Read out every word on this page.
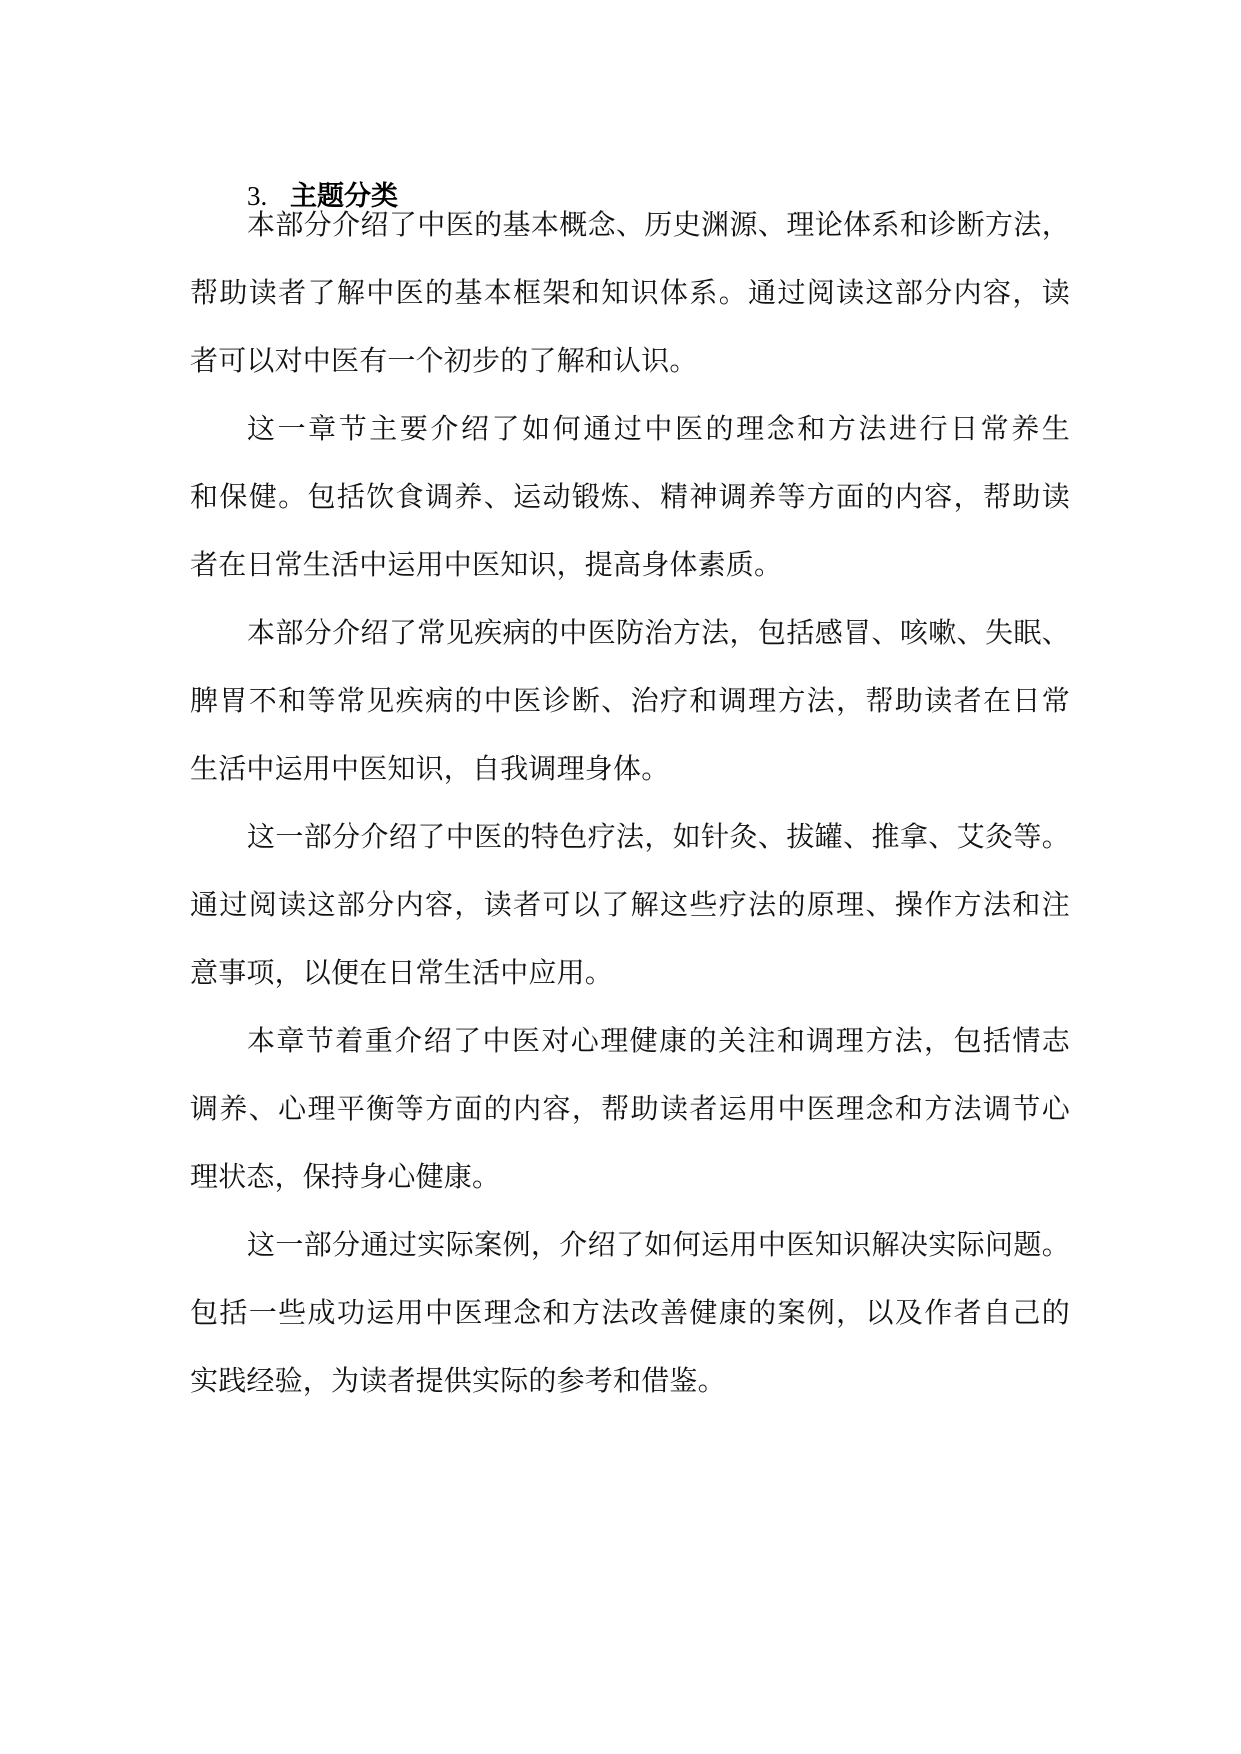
3. 主题分类
本部分介绍了中医的基本概念、历史渊源、理论体系和诊断方法，
帮助读者了解中医的基本框架和知识体系。通过阅读这部分内容，读
者可以对中医有一个初步的了解和认识。
这一章节主要介绍了如何通过中医的理念和方法进行日常养生
和保健。包括饮食调养、运动锻炼、精神调养等方面的内容，帮助读
者在日常生活中运用中医知识，提高身体素质。
本部分介绍了常见疾病的中医防治方法，包括感冒、咳嗽、失眠、
脾胃不和等常见疾病的中医诊断、治疗和调理方法，帮助读者在日常
生活中运用中医知识，自我调理身体。
这一部分介绍了中医的特色疗法，如针灸、拔罐、推拿、艾灸等。
通过阅读这部分内容，读者可以了解这些疗法的原理、操作方法和注
意事项，以便在日常生活中应用。
本章节着重介绍了中医对心理健康的关注和调理方法，包括情志
调养、心理平衡等方面的内容，帮助读者运用中医理念和方法调节心
理状态，保持身心健康。
这一部分通过实际案例，介绍了如何运用中医知识解决实际问题。
包括一些成功运用中医理念和方法改善健康的案例，以及作者自己的
实践经验，为读者提供实际的参考和借鉴。
